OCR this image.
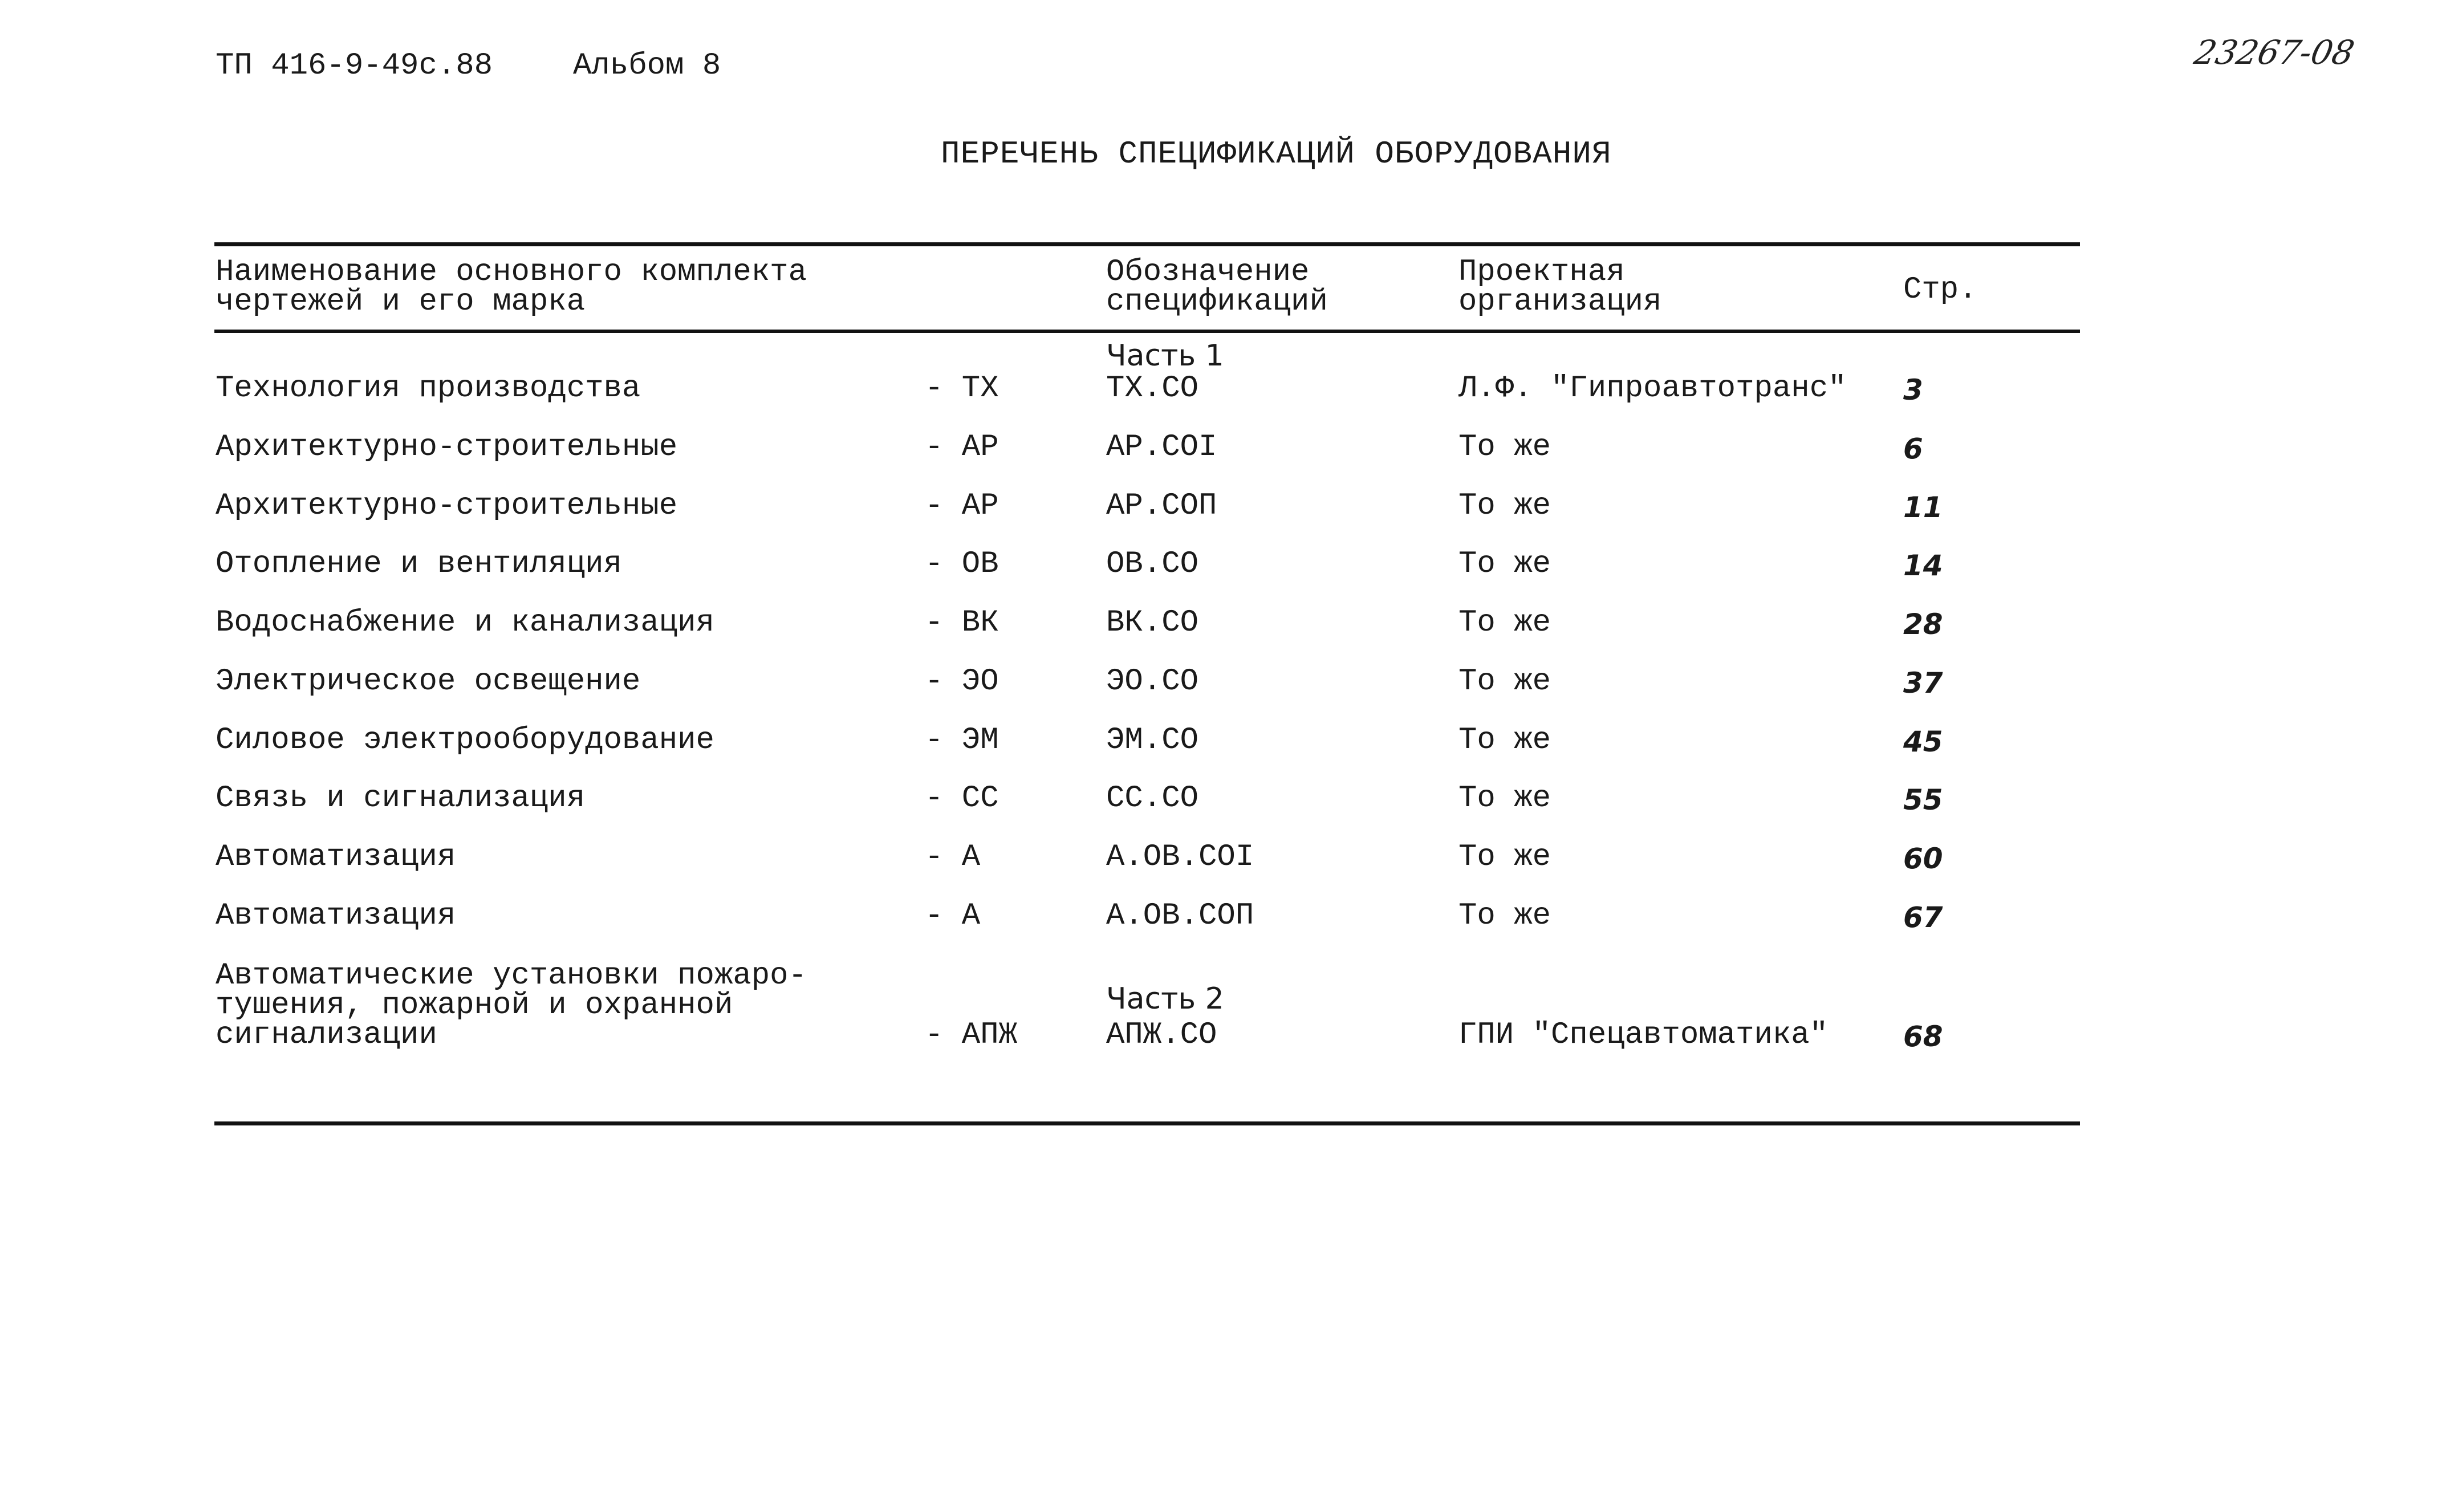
ТП 416-9-49с.88	Альбом 8	23267-08
ПЕРЕЧЕНЬ СПЕЦИФИКАЦИЙ ОБОРУДОВАНИЯ
Наименование основного комплекта
чертежей и его марка
Обозначение
спецификаций
Проектная
организация	Стр.
Часть 1
Технология производства	- ТХ	ТХ.СО	Л.Ф. "Гипроавтотранс" 3
Архитектурно-строительные	- АР	АР.СОI	То же	6
Архитектурно-строительные	- АР	АР.СОП	То же	11
Отопление и вентиляция	- ОВ	ОВ.СО	То же	14
Водоснабжение и канализация	- ВК	ВК.СО	То же	28
Электрическое освещение	- ЭО	ЭО.СО	То же	37
Силовое электрооборудование	- ЭМ	ЭМ.СО	То же	45
Связь и сигнализация	- СС	СС.СО	То же	55
Автоматизация	- А	А.ОВ.СОI	То же	60
Автоматизация	- А	А.ОВ.СОП	То же	67
Часть 2
Автоматические установки пожаро-
тушения, пожарной и охранной
сигнализации	- АПЖ	АПЖ.СО	ГПИ "Спецавтоматика"	68
